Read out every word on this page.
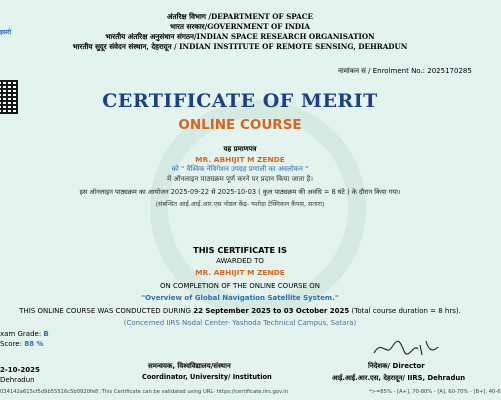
इसरो
अंतरिक्ष विभाग /DEPARTMENT OF SPACE
भारत सरकार/GOVERNMENT OF INDIA
भारतीय अंतरिक्ष अनुसंधान संगठन/INDIAN SPACE RESEARCH ORGANISATION
भारतीय सुदूर संवेदन संस्थान, देहरादून / INDIAN INSTITUTE OF REMOTE SENSING, DEHRADUN
नामांकन सं / Enrolment No.: 2025170285
CERTIFICATE OF MERIT
ONLINE COURSE
यह प्रमाणपत्र
MR. ABHIJIT M ZENDE
को " वैश्विक नेविगेशन उपग्रह प्रणाली का अवलोकन "
में ऑनलाइन पाठ्यक्रम पूर्ण करने पर प्रदान किया जाता है।
इस ऑनलाइन पाठ्यक्रम का आयोजन 2025-09-22 से 2025-10-03 ( कुल पाठ्यक्रम की अवधि = 8 घंटे ) के दौरान किया गया।
(संबन्धित आई.आई.आर.एस नोडल केंद्र- यशोदा टेक्निकल कैंपस, सतारा)
THIS CERTIFICATE IS
AWARDED TO
MR. ABHIJIT M ZENDE
ON COMPLETION OF THE ONLINE COURSE ON
"Overview of Global Navigation Satellite System."
THIS ONLINE COURSE WAS CONDUCTED DURING 22 September 2025 to 03 October 2025 (Total course duration = 8 hrs).
(Concerned IIRS Nodal Center- Yashoda Technical Campus, Satara)
xam Grade: B
Score: 88 %
2-10-2025
Dehradun
समन्वयक, विश्वविद्यालय/संस्थान
Coordinator, University/ Institution
निदेशक/ Director
आई.आई.आर.एस, देहरादून/ IIRS, Dehradun
034142a615cf5d9b55516c5b0920fe8 :This Certificate can be validated using URL- https://certificate.iirs.gov.in	*>=85% - [A+], 70-80% - [A], 60-70% - [B+], 40-6
